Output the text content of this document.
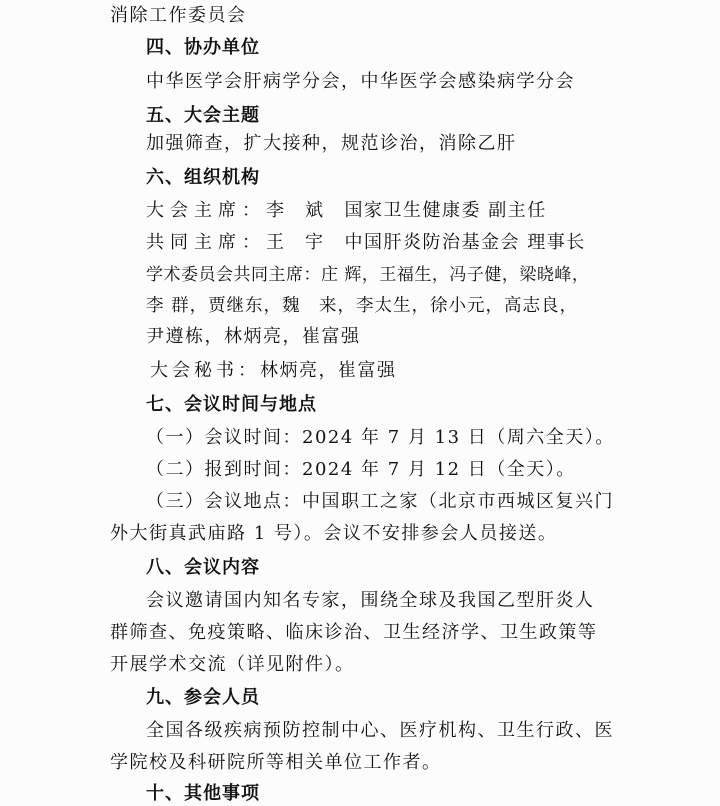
消除工作委员会
四、协办单位
中华医学会肝病学分会，中华医学会感染病学分会
五、大会主题
加强筛查，扩大接种，规范诊治，消除乙肝
六、组织机构
大会主席：李　斌 国家卫生健康委 副主任
共同主席：王　宇 中国肝炎防治基金会 理事长
学术委员会共同主席：庄 辉，王福生，冯子健，梁晓峰，
李 群，贾继东，魏　来，李太生，徐小元，高志良，
尹遵栋，林炳亮，崔富强
大会秘书：林炳亮，崔富强
七、会议时间与地点
（一）会议时间：2024 年 7 月 13 日（周六全天）。
（二）报到时间：2024 年 7 月 12 日（全天）。
（三）会议地点：中国职工之家（北京市西城区复兴门
外大街真武庙路 1 号）。会议不安排参会人员接送。
八、会议内容
会议邀请国内知名专家，围绕全球及我国乙型肝炎人
群筛查、免疫策略、临床诊治、卫生经济学、卫生政策等
开展学术交流（详见附件）。
九、参会人员
全国各级疾病预防控制中心、医疗机构、卫生行政、医
学院校及科研院所等相关单位工作者。
十、其他事项
